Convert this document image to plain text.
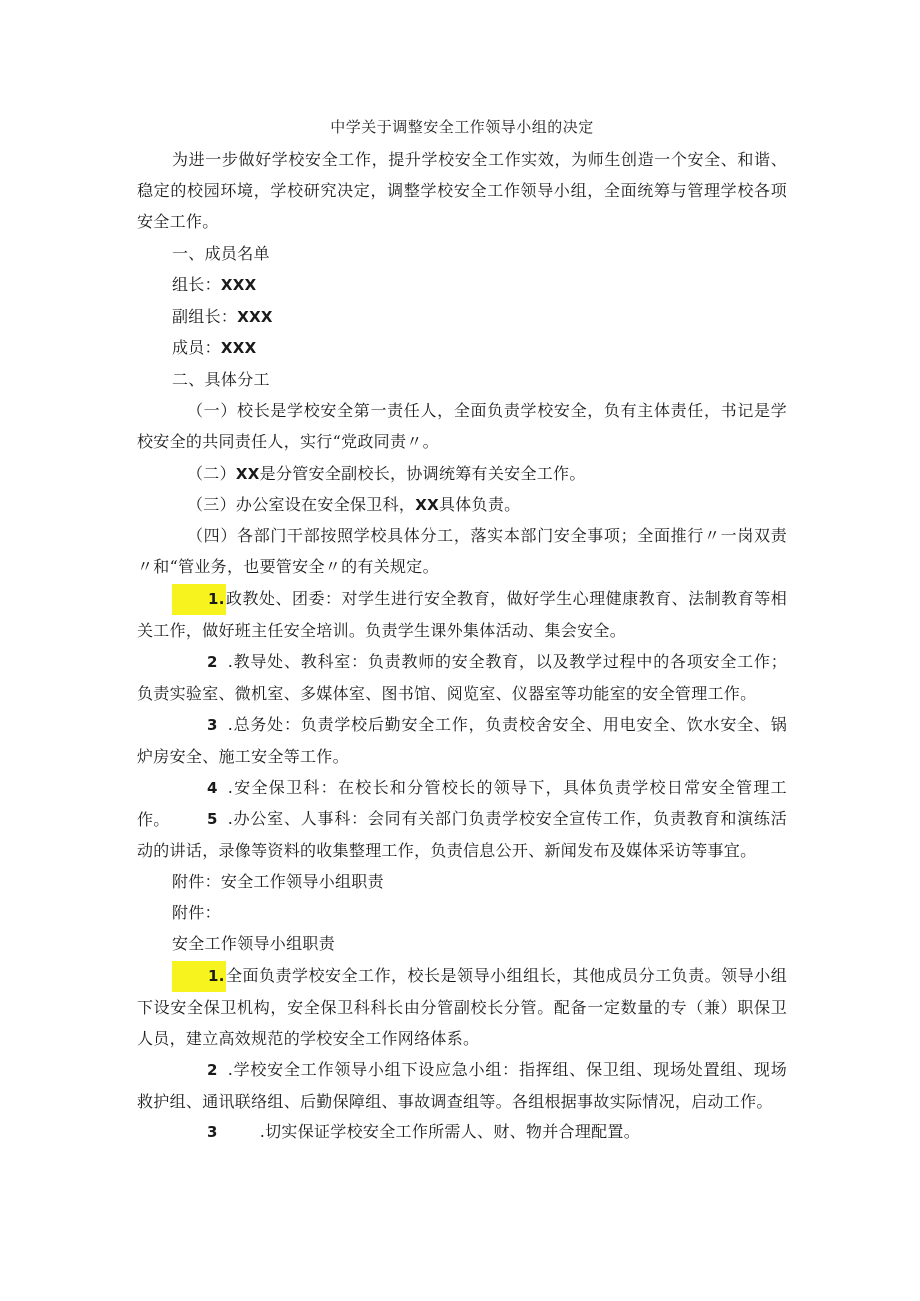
中学关于调整安全工作领导小组的决定
为进一步做好学校安全工作，提升学校安全工作实效，为师生创造一个安全、和谐、稳定的校园环境，学校研究决定，调整学校安全工作领导小组，全面统筹与管理学校各项安全工作。
一、成员名单
组长：XXX
副组长：XXX
成员：XXX
二、具体分工
（一）校长是学校安全第一责任人，全面负责学校安全，负有主体责任，书记是学校安全的共同责任人，实行“党政同责〃。
（二）XX是分管安全副校长，协调统筹有关安全工作。
（三）办公室设在安全保卫科，XX具体负责。
（四）各部门干部按照学校具体分工，落实本部门安全事项；全面推行〃一岗双责〃和“管业务，也要管安全〃的有关规定。
1.政教处、团委：对学生进行安全教育，做好学生心理健康教育、法制教育等相关工作，做好班主任安全培训。负责学生课外集体活动、集会安全。
2 .教导处、教科室：负责教师的安全教育，以及教学过程中的各项安全工作；负责实验室、微机室、多媒体室、图书馆、阅览室、仪器室等功能室的安全管理工作。
3 .总务处：负责学校后勤安全工作，负责校舍安全、用电安全、饮水安全、锅炉房安全、施工安全等工作。
4 .安全保卫科：在校长和分管校长的领导下，具体负责学校日常安全管理工作。	5 .办公室、人事科：会同有关部门负责学校安全宣传工作，负责教育和演练活动的讲话，录像等资料的收集整理工作，负责信息公开、新闻发布及媒体采访等事宜。
附件：安全工作领导小组职责
附件：
安全工作领导小组职责
1.全面负责学校安全工作，校长是领导小组组长，其他成员分工负责。领导小组下设安全保卫机构，安全保卫科科长由分管副校长分管。配备一定数量的专（兼）职保卫人员，建立高效规范的学校安全工作网络体系。
2 .学校安全工作领导小组下设应急小组：指挥组、保卫组、现场处置组、现场救护组、通讯联络组、后勤保障组、事故调查组等。各组根据事故实际情况，启动工作。
3	.切实保证学校安全工作所需人、财、物并合理配置。
